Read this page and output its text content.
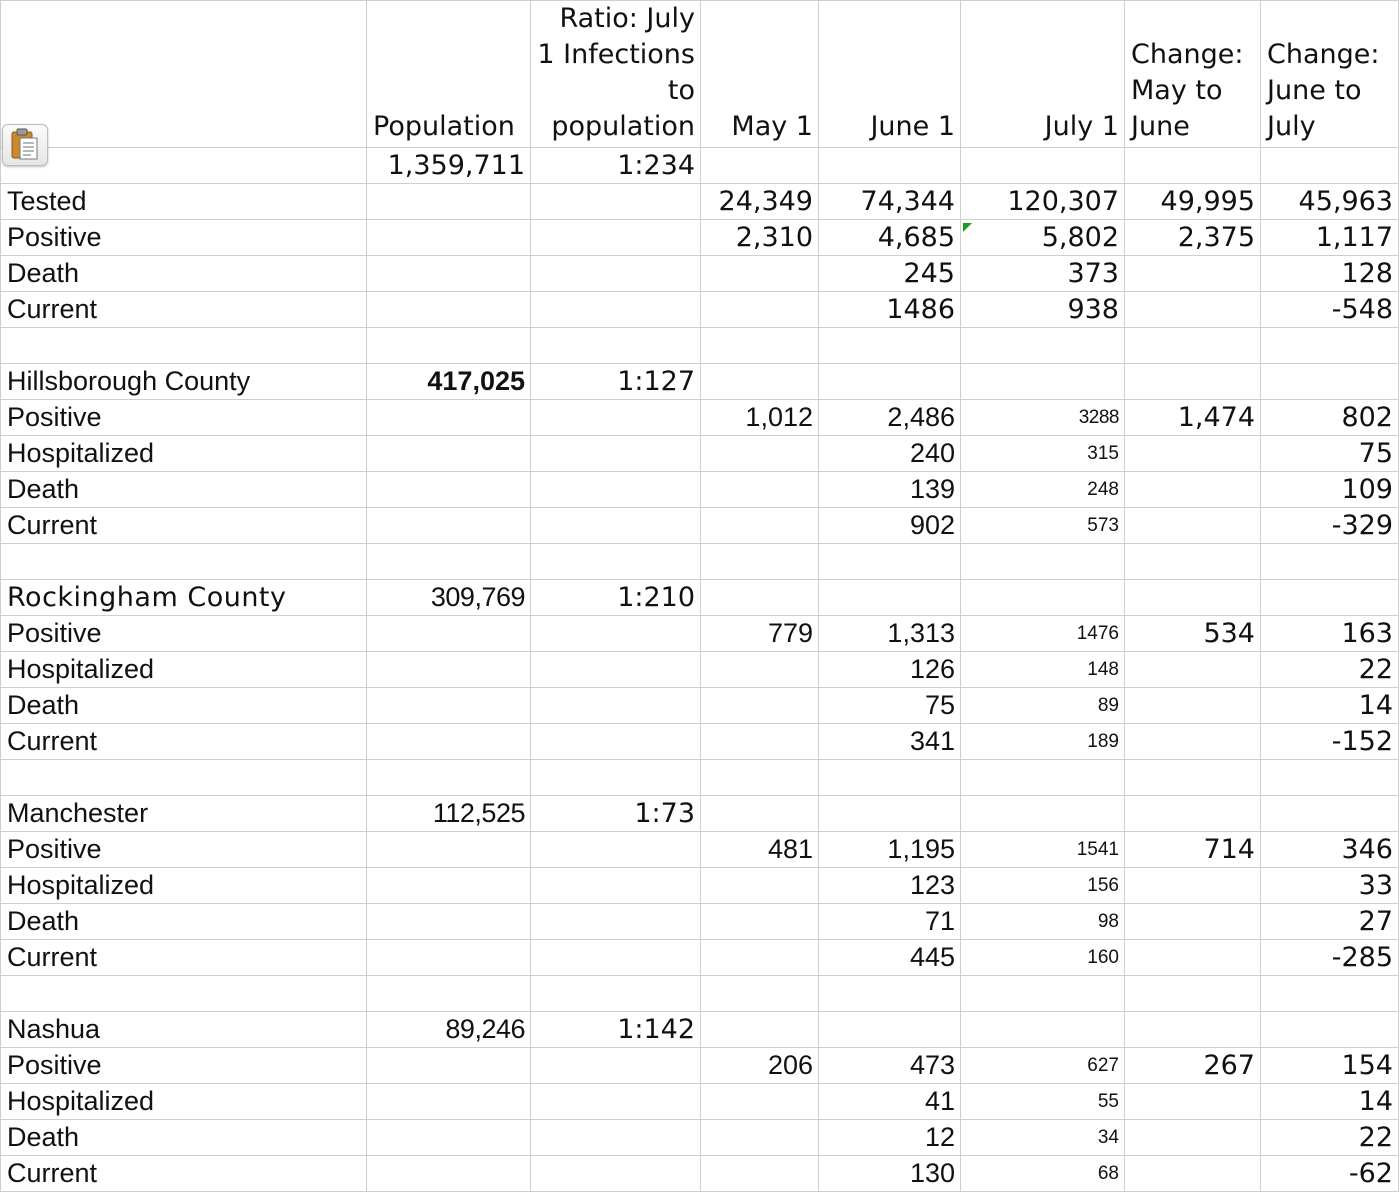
	Population	Ratio: July 1 Infections to population	May 1	June 1	July 1	Change: May to June	Change: June to July
	1,359,711	1:234					
Tested			24,349	74,344	120,307	49,995	45,963
Positive			2,310	4,685	5,802	2,375	1,117
Death				245	373		128
Current				1486	938		-548

Hillsborough County	417,025	1:127					
Positive			1,012	2,486	3288	1,474	802
Hospitalized				240	315		75
Death				139	248		109
Current				902	573		-329

Rockingham County	309,769	1:210					
Positive			779	1,313	1476	534	163
Hospitalized				126	148		22
Death				75	89		14
Current				341	189		-152

Manchester	112,525	1:73					
Positive			481	1,195	1541	714	346
Hospitalized				123	156		33
Death				71	98		27
Current				445	160		-285

Nashua	89,246	1:142					
Positive			206	473	627	267	154
Hospitalized				41	55		14
Death				12	34		22
Current				130	68		-62
